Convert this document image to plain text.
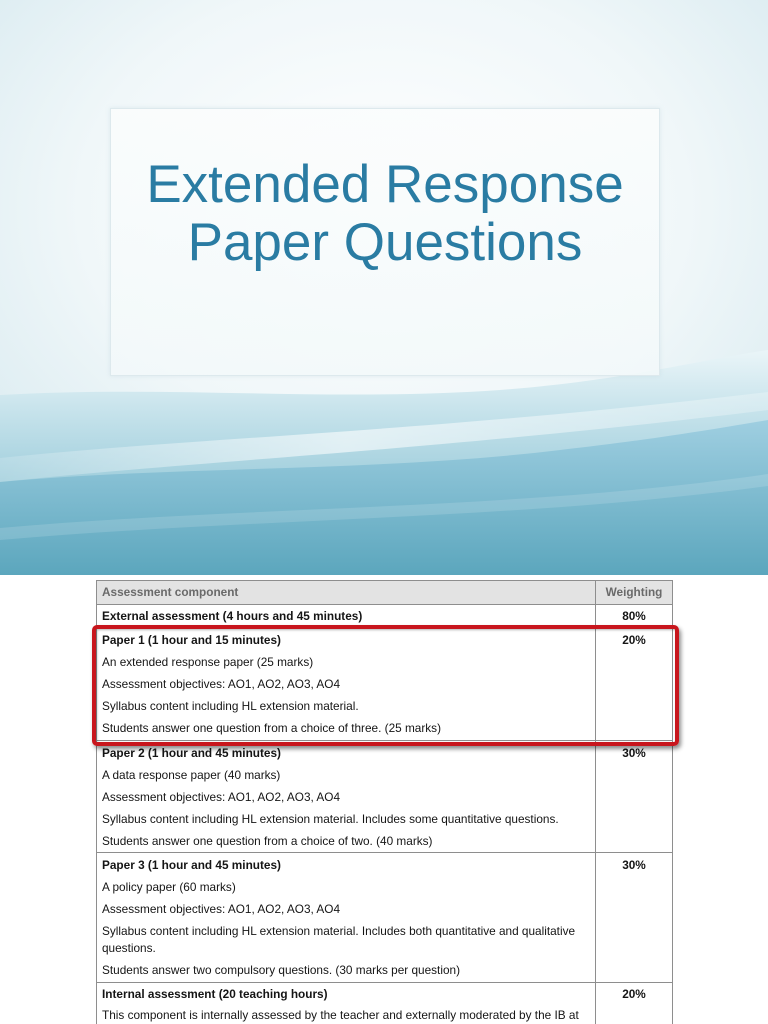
Extended Response Paper Questions
Assessment component	Weighting
External assessment (4 hours and 45 minutes)	80%
Paper 1 (1 hour and 15 minutes)
An extended response paper (25 marks)
Assessment objectives: AO1, AO2, AO3, AO4
Syllabus content including HL extension material.
Students answer one question from a choice of three. (25 marks)
20%
Paper 2 (1 hour and 45 minutes)
A data response paper (40 marks)
Assessment objectives: AO1, AO2, AO3, AO4
Syllabus content including HL extension material. Includes some quantitative questions.
Students answer one question from a choice of two. (40 marks)
30%
Paper 3 (1 hour and 45 minutes)
A policy paper (60 marks)
Assessment objectives: AO1, AO2, AO3, AO4
Syllabus content including HL extension material. Includes both quantitative and qualitative questions.
Students answer two compulsory questions. (30 marks per question)
30%
Internal assessment (20 teaching hours)
This component is internally assessed by the teacher and externally moderated by the IB at
20%
